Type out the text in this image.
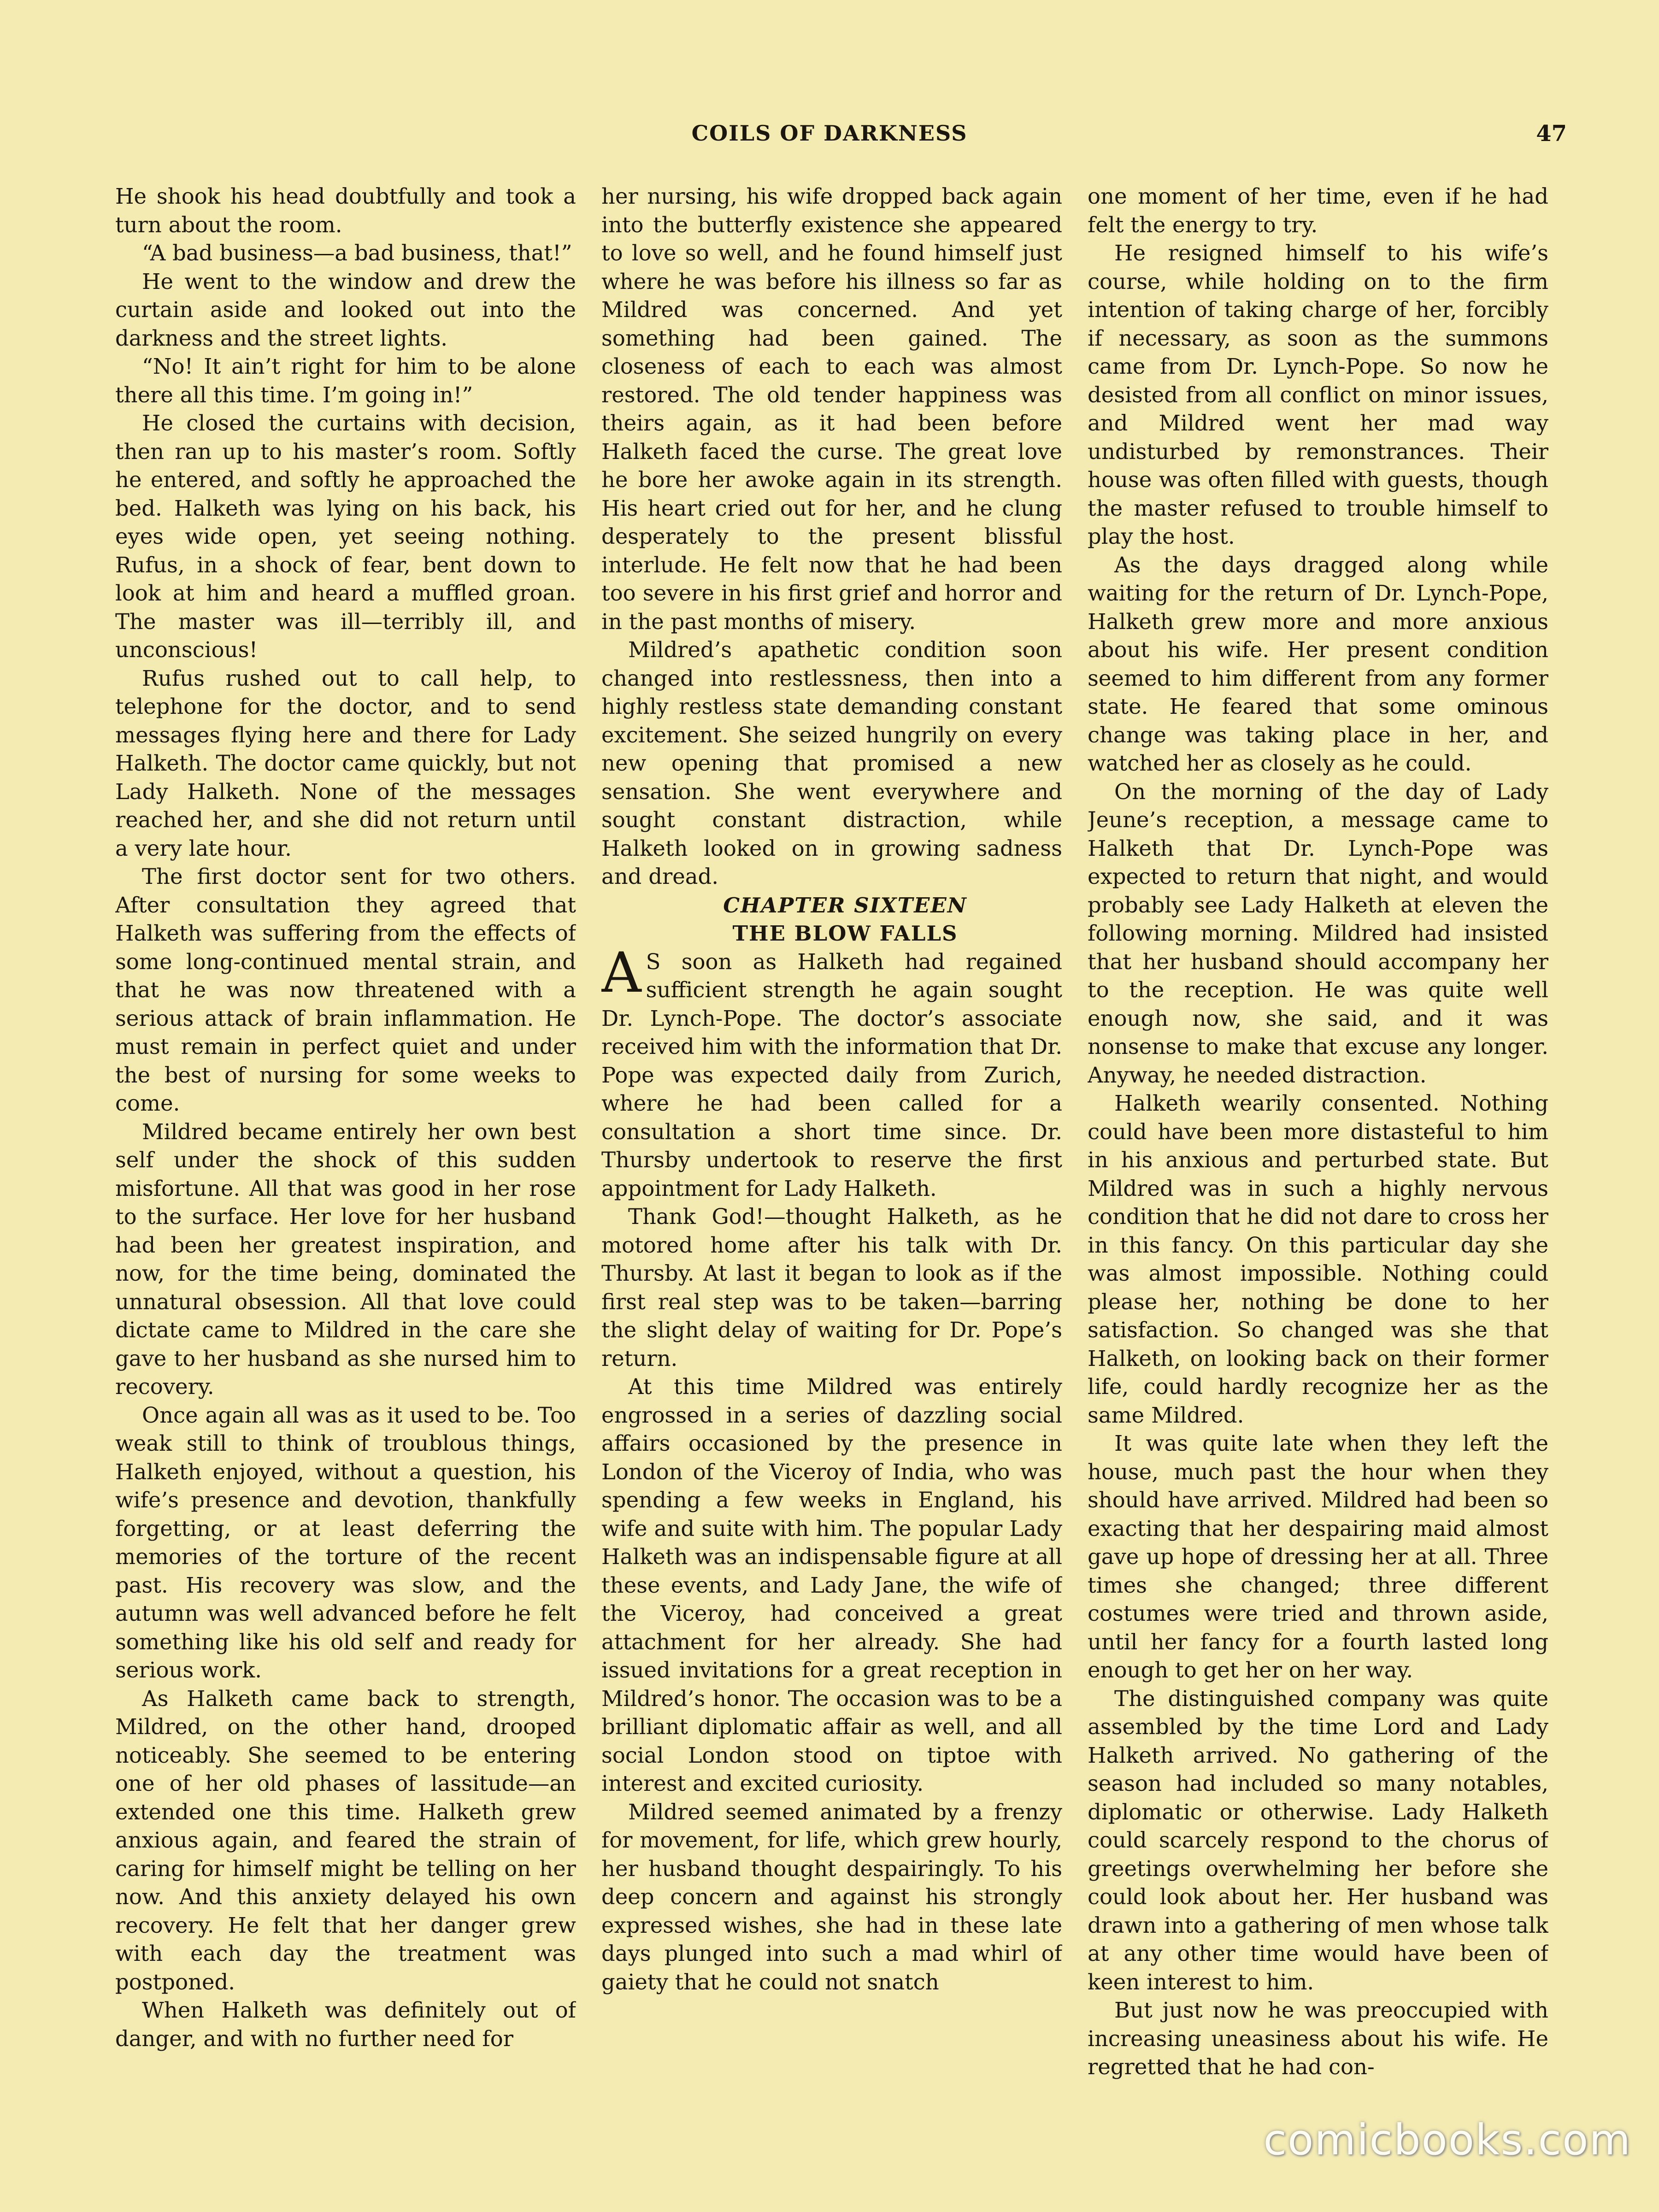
COILS OF DARKNESS	47

He shook his head doubtfully and took a turn about the room.

“A bad business—a bad business, that!”

He went to the window and drew the curtain aside and looked out into the darkness and the street lights.

“No! It ain’t right for him to be alone there all this time. I’m going in!”

He closed the curtains with decision, then ran up to his master’s room. Softly he entered, and softly he approached the bed. Halketh was lying on his back, his eyes wide open, yet seeing nothing. Rufus, in a shock of fear, bent down to look at him and heard a muffled groan. The master was ill—terribly ill, and unconscious!

Rufus rushed out to call help, to telephone for the doctor, and to send messages flying here and there for Lady Halketh. The doctor came quickly, but not Lady Halketh. None of the messages reached her, and she did not return until a very late hour.

The first doctor sent for two others. After consultation they agreed that Halketh was suffering from the effects of some long-continued mental strain, and that he was now threatened with a serious attack of brain inflammation. He must remain in perfect quiet and under the best of nursing for some weeks to come.

Mildred became entirely her own best self under the shock of this sudden misfortune. All that was good in her rose to the surface. Her love for her husband had been her greatest inspiration, and now, for the time being, dominated the unnatural obsession. All that love could dictate came to Mildred in the care she gave to her husband as she nursed him to recovery.

Once again all was as it used to be. Too weak still to think of troublous things, Halketh enjoyed, without a question, his wife’s presence and devotion, thankfully forgetting, or at least deferring the memories of the torture of the recent past. His recovery was slow, and the autumn was well advanced before he felt something like his old self and ready for serious work.

As Halketh came back to strength, Mildred, on the other hand, drooped noticeably. She seemed to be entering one of her old phases of lassitude—an extended one this time. Halketh grew anxious again, and feared the strain of caring for himself might be telling on her now. And this anxiety delayed his own recovery. He felt that her danger grew with each day the treatment was postponed.

When Halketh was definitely out of danger, and with no further need for

her nursing, his wife dropped back again into the butterfly existence she appeared to love so well, and he found himself just where he was before his illness so far as Mildred was concerned. And yet something had been gained. The closeness of each to each was almost restored. The old tender happiness was theirs again, as it had been before Halketh faced the curse. The great love he bore her awoke again in its strength. His heart cried out for her, and he clung desperately to the present blissful interlude. He felt now that he had been too severe in his first grief and horror and in the past months of misery.

Mildred’s apathetic condition soon changed into restlessness, then into a highly restless state demanding constant excitement. She seized hungrily on every new opening that promised a new sensation. She went everywhere and sought constant distraction, while Halketh looked on in growing sadness and dread.

CHAPTER SIXTEEN

THE BLOW FALLS

A S soon as Halketh had regained sufficient strength he again sought Dr. Lynch-Pope. The doctor’s associate received him with the information that Dr. Pope was expected daily from Zurich, where he had been called for a consultation a short time since. Dr. Thursby undertook to reserve the first appointment for Lady Halketh.

Thank God!—thought Halketh, as he motored home after his talk with Dr. Thursby. At last it began to look as if the first real step was to be taken—barring the slight delay of waiting for Dr. Pope’s return.

At this time Mildred was entirely engrossed in a series of dazzling social affairs occasioned by the presence in London of the Viceroy of India, who was spending a few weeks in England, his wife and suite with him. The popular Lady Halketh was an indispensable figure at all these events, and Lady Jane, the wife of the Viceroy, had conceived a great attachment for her already. She had issued invitations for a great reception in Mildred’s honor. The occasion was to be a brilliant diplomatic affair as well, and all social London stood on tiptoe with interest and excited curiosity.

Mildred seemed animated by a frenzy for movement, for life, which grew hourly, her husband thought despairingly. To his deep concern and against his strongly expressed wishes, she had in these late days plunged into such a mad whirl of gaiety that he could not snatch

one moment of her time, even if he had felt the energy to try.

He resigned himself to his wife’s course, while holding on to the firm intention of taking charge of her, forcibly if necessary, as soon as the summons came from Dr. Lynch-Pope. So now he desisted from all conflict on minor issues, and Mildred went her mad way undisturbed by remonstrances. Their house was often filled with guests, though the master refused to trouble himself to play the host.

As the days dragged along while waiting for the return of Dr. Lynch-Pope, Halketh grew more and more anxious about his wife. Her present condition seemed to him different from any former state. He feared that some ominous change was taking place in her, and watched her as closely as he could.

On the morning of the day of Lady Jeune’s reception, a message came to Halketh that Dr. Lynch-Pope was expected to return that night, and would probably see Lady Halketh at eleven the following morning. Mildred had insisted that her husband should accompany her to the reception. He was quite well enough now, she said, and it was nonsense to make that excuse any longer. Anyway, he needed distraction.

Halketh wearily consented. Nothing could have been more distasteful to him in his anxious and perturbed state. But Mildred was in such a highly nervous condition that he did not dare to cross her in this fancy. On this particular day she was almost impossible. Nothing could please her, nothing be done to her satisfaction. So changed was she that Halketh, on looking back on their former life, could hardly recognize her as the same Mildred.

It was quite late when they left the house, much past the hour when they should have arrived. Mildred had been so exacting that her despairing maid almost gave up hope of dressing her at all. Three times she changed; three different costumes were tried and thrown aside, until her fancy for a fourth lasted long enough to get her on her way.

The distinguished company was quite assembled by the time Lord and Lady Halketh arrived. No gathering of the season had included so many notables, diplomatic or otherwise. Lady Halketh could scarcely respond to the chorus of greetings overwhelming her before she could look about her. Her husband was drawn into a gathering of men whose talk at any other time would have been of keen interest to him.

But just now he was preoccupied with increasing uneasiness about his wife. He regretted that he had con-

comicbooks.com
